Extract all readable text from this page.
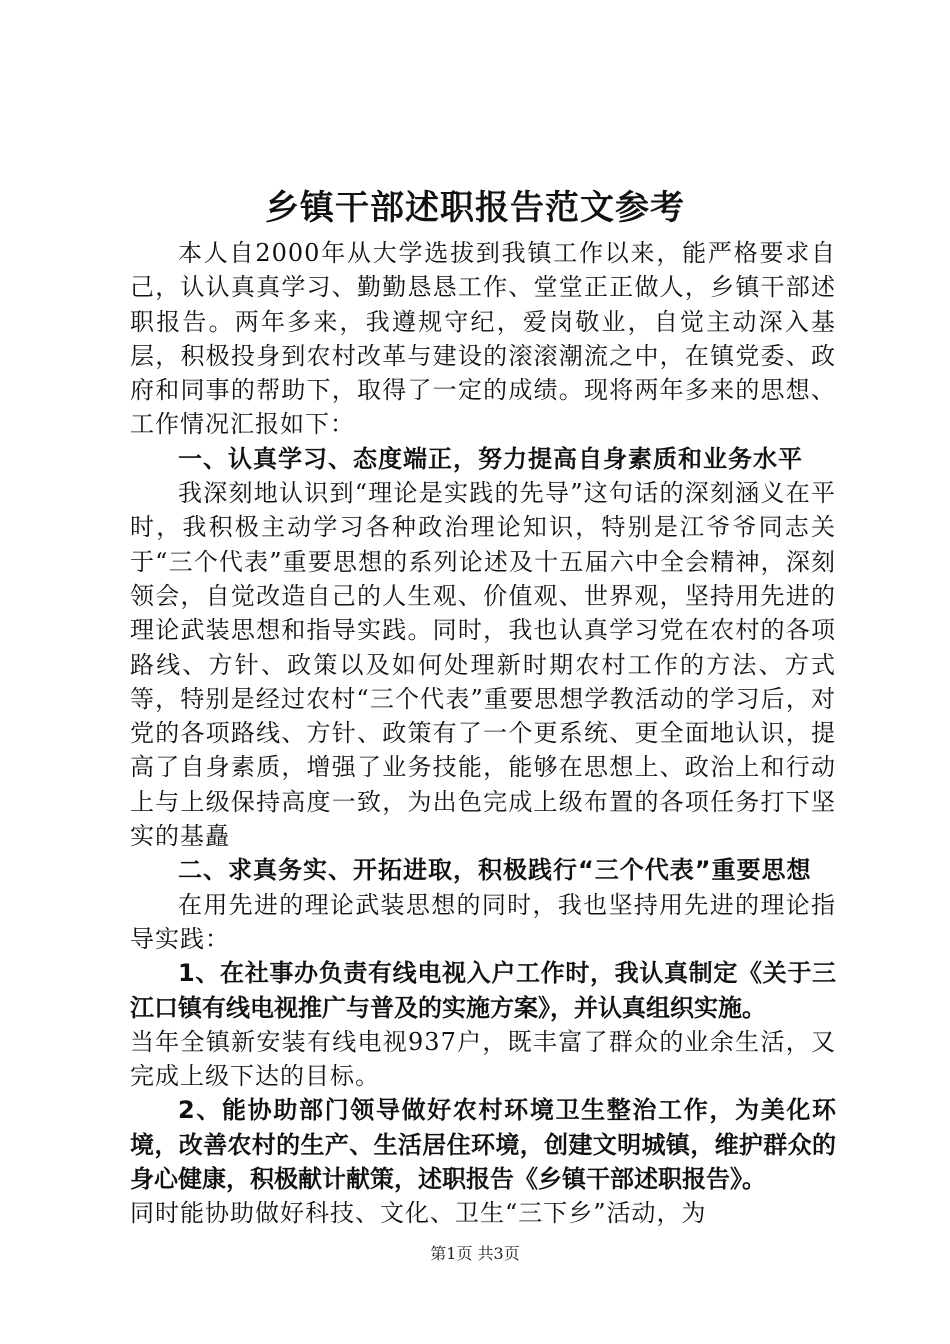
乡镇干部述职报告范文参考

本人自2000年从大学选拔到我镇工作以来，能严格要求自己，认认真真学习、勤勤恳恳工作、堂堂正正做人，乡镇干部述职报告。两年多来，我遵规守纪，爱岗敬业，自觉主动深入基层，积极投身到农村改革与建设的滚滚潮流之中，在镇党委、政府和同事的帮助下，取得了一定的成绩。现将两年多来的思想、工作情况汇报如下：

一、认真学习、态度端正，努力提高自身素质和业务水平

我深刻地认识到“理论是实践的先导”这句话的深刻涵义在平时，我积极主动学习各种政治理论知识，特别是江爷爷同志关于“三个代表”重要思想的系列论述及十五届六中全会精神，深刻领会，自觉改造自己的人生观、价值观、世界观，坚持用先进的理论武装思想和指导实践。同时，我也认真学习党在农村的各项路线、方针、政策以及如何处理新时期农村工作的方法、方式等，特别是经过农村“三个代表”重要思想学教活动的学习后，对党的各项路线、方针、政策有了一个更系统、更全面地认识，提高了自身素质，增强了业务技能，能够在思想上、政治上和行动上与上级保持高度一致，为出色完成上级布置的各项任务打下坚实的基矗

二、求真务实、开拓进取，积极践行“三个代表”重要思想

在用先进的理论武装思想的同时，我也坚持用先进的理论指导实践：

1、在社事办负责有线电视入户工作时，我认真制定《关于三江口镇有线电视推广与普及的实施方案》，并认真组织实施。

当年全镇新安装有线电视937户，既丰富了群众的业余生活，又完成上级下达的目标。

2、能协助部门领导做好农村环境卫生整治工作，为美化环境，改善农村的生产、生活居住环境，创建文明城镇，维护群众的身心健康，积极献计献策，述职报告《乡镇干部述职报告》。

同时能协助做好科技、文化、卫生“三下乡”活动，为

第1页 共3页
